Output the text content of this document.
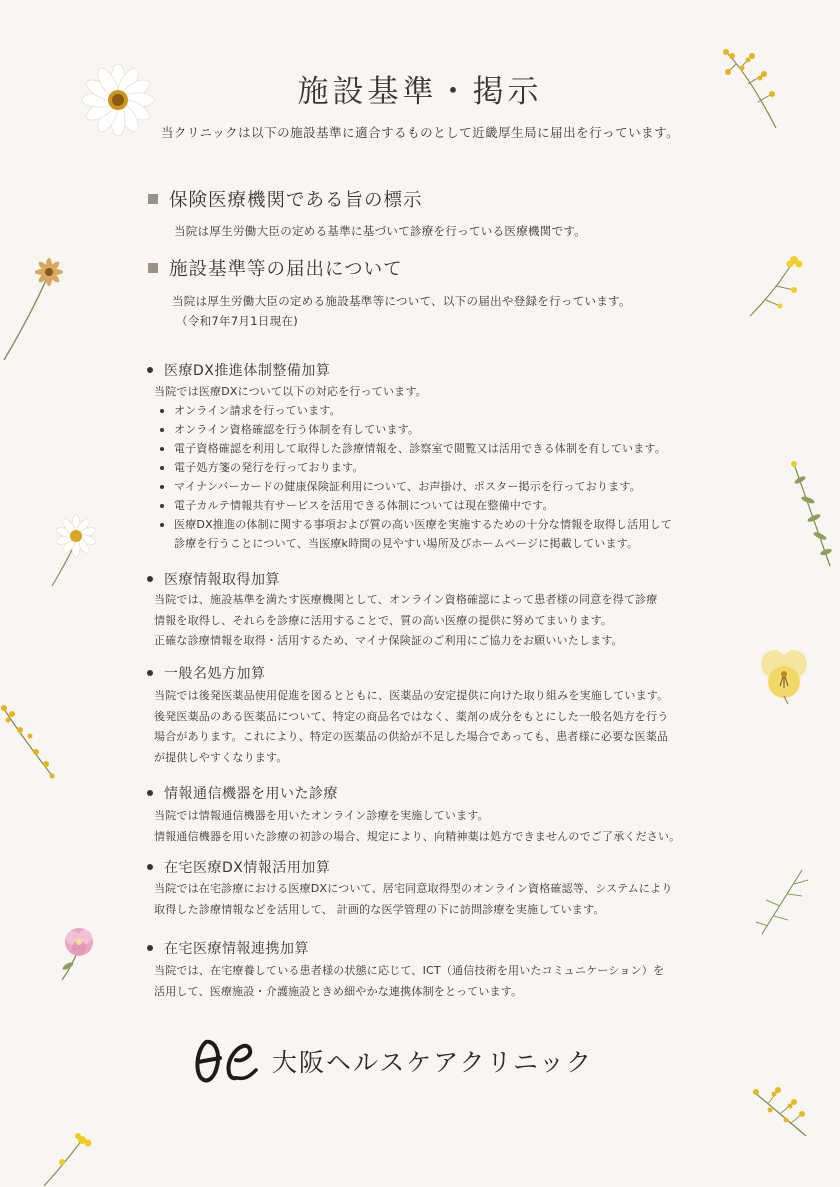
施設基準・掲示
当クリニックは以下の施設基準に適合するものとして近畿厚生局に届出を行っています。
保険医療機関である旨の標示
当院は厚生労働大臣の定める基準に基づいて診療を行っている医療機関です。
施設基準等の届出について
当院は厚生労働大臣の定める施設基準等について、以下の届出や登録を行っています。
（令和7年7月1日現在)
医療DX推進体制整備加算
当院では医療DXについて以下の対応を行っています。
オンライン請求を行っています。
オンライン資格確認を行う体制を有しています。
電子資格確認を利用して取得した診療情報を、診察室で閲覧又は活用できる体制を有しています。
電子処方箋の発行を行っております。
マイナンバーカードの健康保険証利用について、お声掛け、ポスター掲示を行っております。
電子カルテ情報共有サービスを活用できる体制については現在整備中です。
医療DX推進の体制に関する事項および質の高い医療を実施するための十分な情報を取得し活用して
診療を行うことについて、当医療k時間の見やすい場所及びホームページに掲載しています。
医療情報取得加算
当院では、施設基準を満たす医療機関として、オンライン資格確認によって患者様の同意を得て診療
情報を取得し、それらを診療に活用することで、質の高い医療の提供に努めてまいります。
正確な診療情報を取得・活用するため、マイナ保険証のご利用にご協力をお願いいたします。
一般名処方加算
当院では後発医薬品使用促進を図るとともに、医薬品の安定提供に向けた取り組みを実施しています。
後発医薬品のある医薬品について、特定の商品名ではなく、薬剤の成分をもとにした一般名処方を行う
場合があります。これにより、特定の医薬品の供給が不足した場合であっても、患者様に必要な医薬品
が提供しやすくなります。
情報通信機器を用いた診療
当院では情報通信機器を用いたオンライン診療を実施しています。
情報通信機器を用いた診療の初診の場合、規定により、向精神薬は処方できませんのでご了承ください。
在宅医療DX情報活用加算
当院では在宅診療における医療DXについて、居宅同意取得型のオンライン資格確認等、システムにより
取得した診療情報などを活用して、 計画的な医学管理の下に訪問診療を実施しています。
在宅医療情報連携加算
当院では、在宅療養している患者様の状態に応じて、ICT（通信技術を用いたコミュニケーション）を
活用して、医療施設・介護施設ときめ細やかな連携体制をとっています。
大阪ヘルスケアクリニック
